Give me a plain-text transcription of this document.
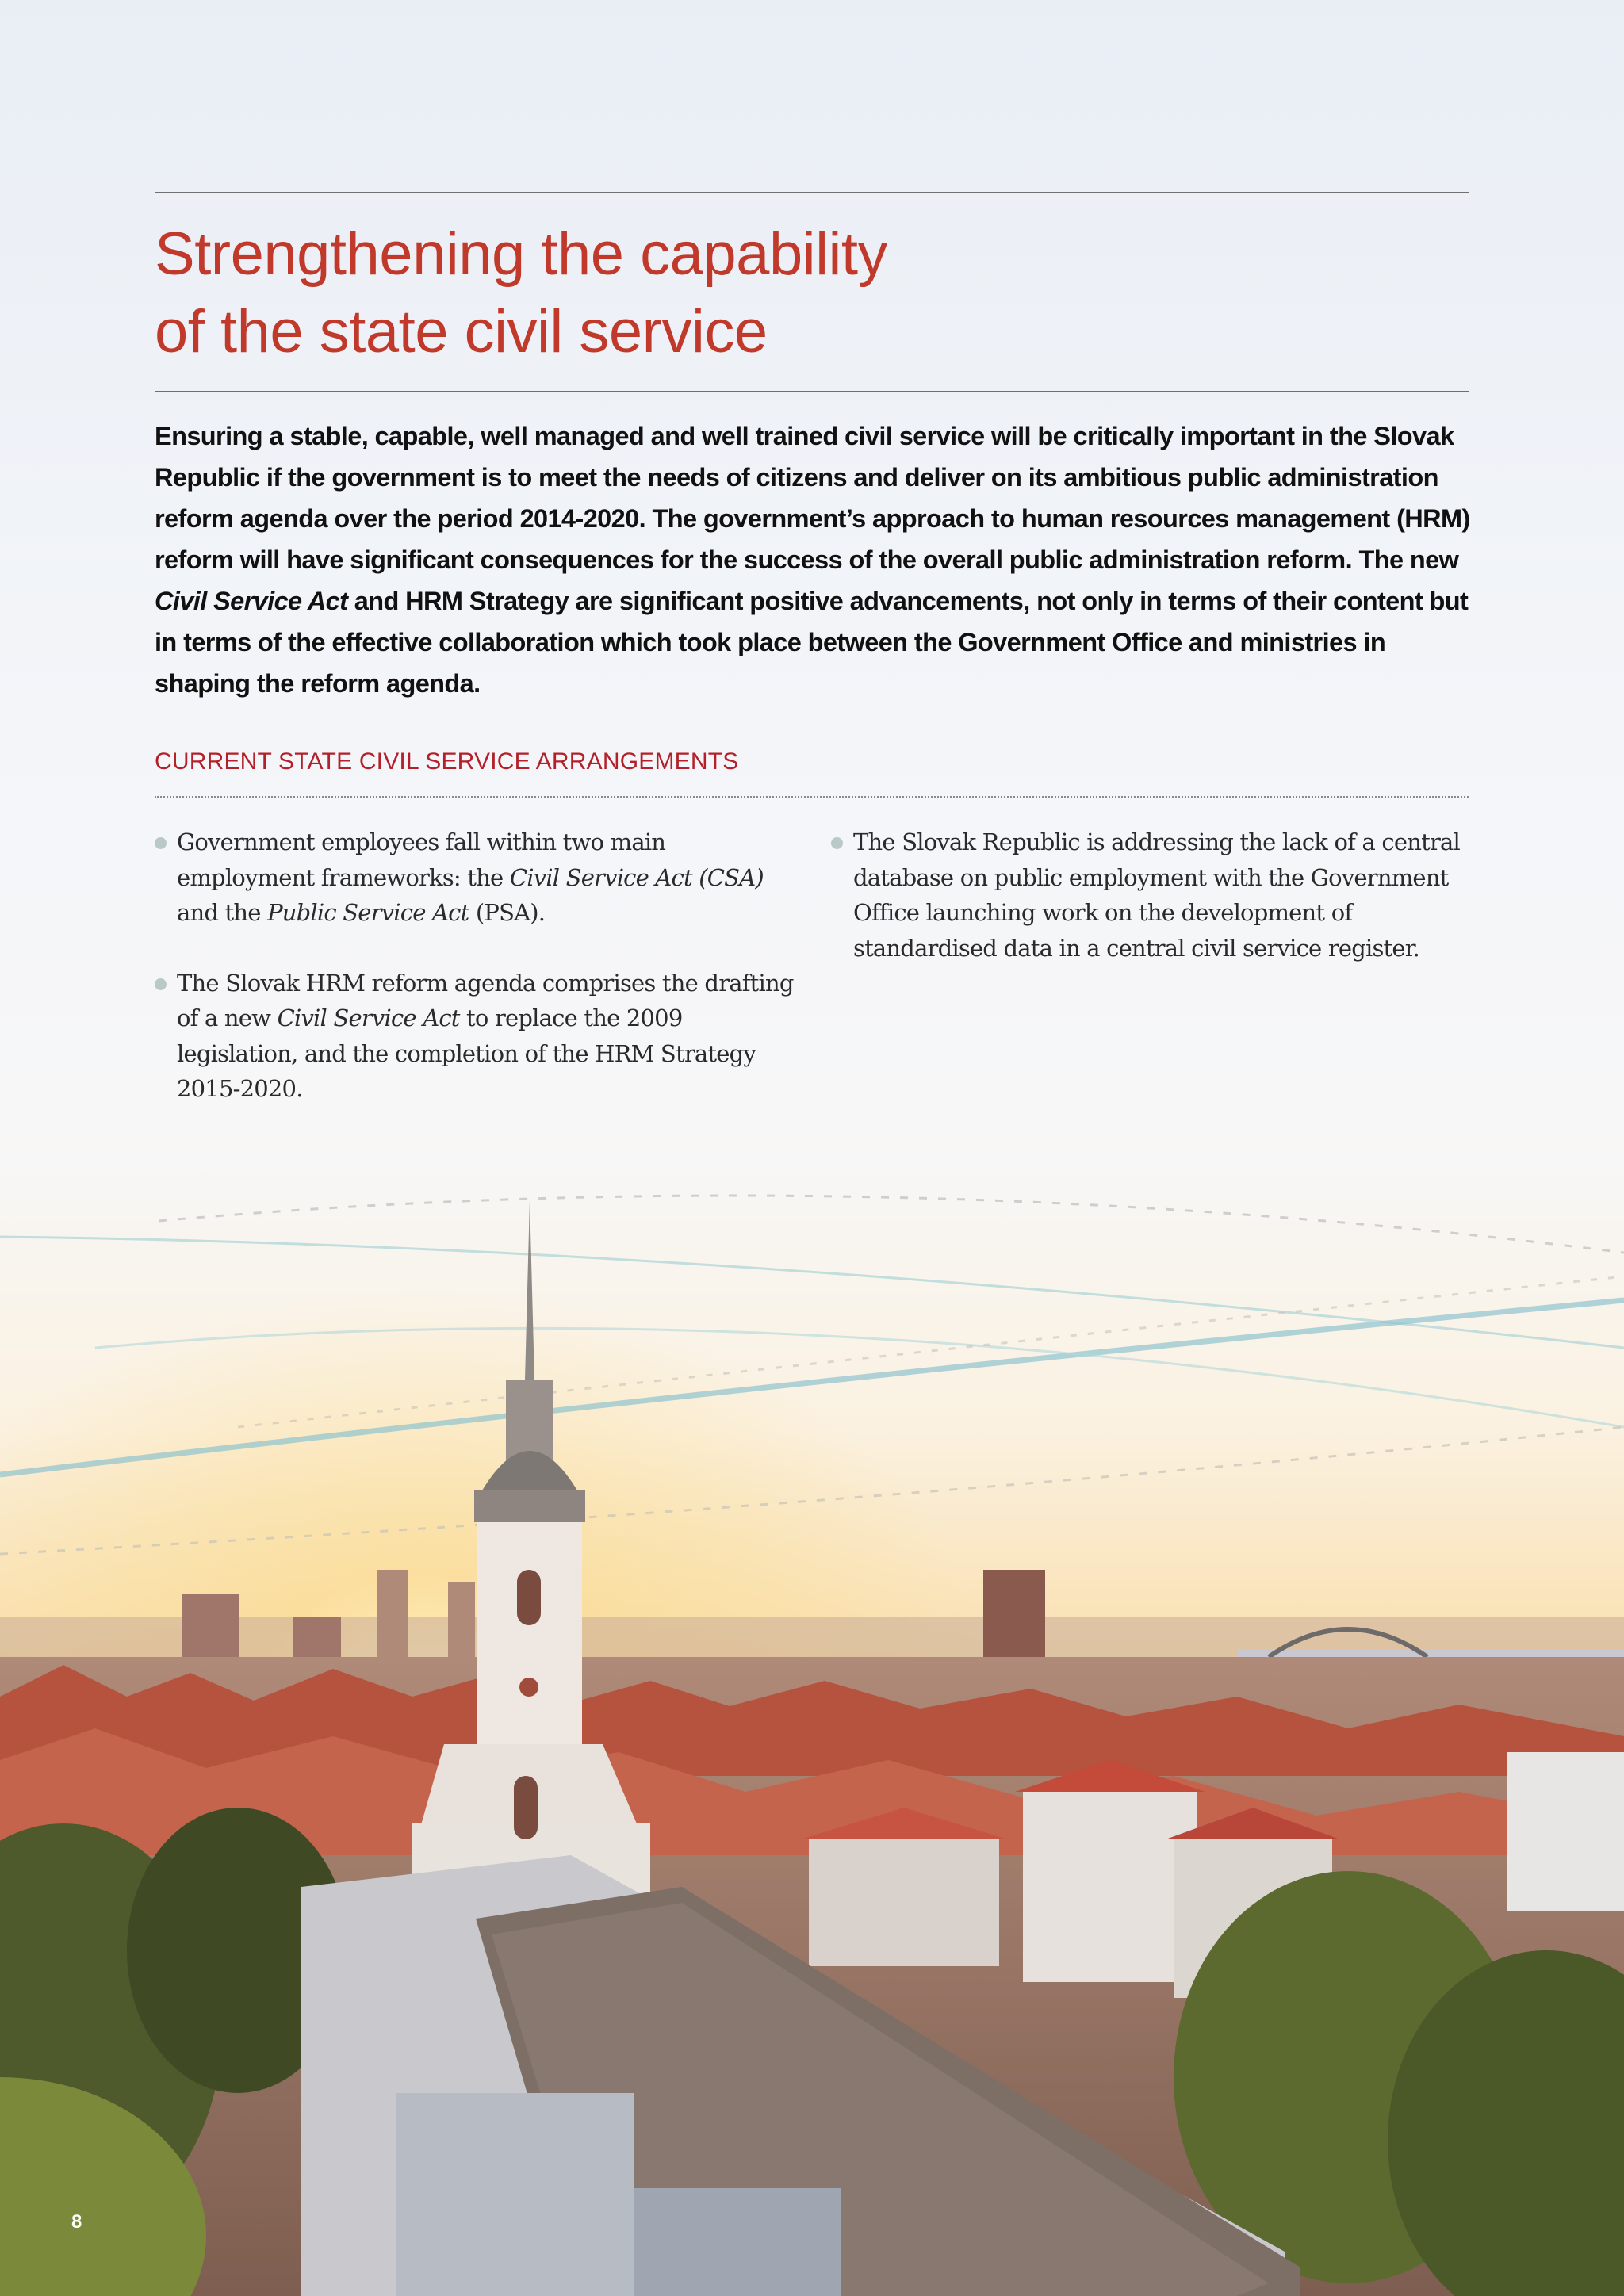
Strengthening the capability
of the state civil service

Ensuring a stable, capable, well managed and well trained civil service will be critically important in the Slovak Republic if the government is to meet the needs of citizens and deliver on its ambitious public administration reform agenda over the period 2014-2020. The government’s approach to human resources management (HRM) reform will have significant consequences for the success of the overall public administration reform. The new Civil Service Act and HRM Strategy are significant positive advancements, not only in terms of their content but in terms of the effective collaboration which took place between the Government Office and ministries in shaping the reform agenda.

CURRENT STATE CIVIL SERVICE ARRANGEMENTS
Government employees fall within two main employment frameworks: the Civil Service Act (CSA) and the Public Service Act (PSA).
The Slovak HRM reform agenda comprises the drafting of a new Civil Service Act to replace the 2009 legislation, and the completion of the HRM Strategy 2015-2020.
The Slovak Republic is addressing the lack of a central database on public employment with the Government Office launching work on the development of standardised data in a central civil service register.
8
